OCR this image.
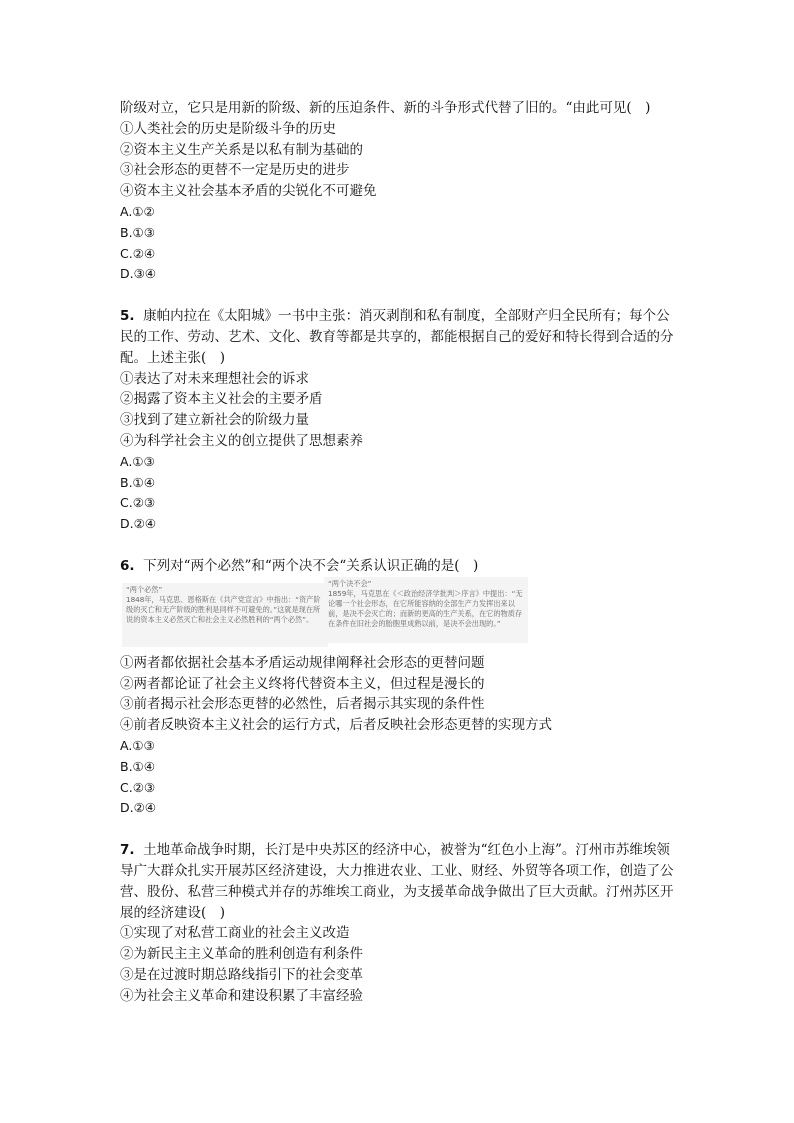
阶级对立，它只是用新的阶级、新的压迫条件、新的斗争形式代替了旧的。“由此可见(　)
①人类社会的历史是阶级斗争的历史
②资本主义生产关系是以私有制为基础的
③社会形态的更替不一定是历史的进步
④资本主义社会基本矛盾的尖锐化不可避免
A.①②
B.①③
C.②④
D.③④
5. 康帕内拉在《太阳城》一书中主张：消灭剥削和私有制度，全部财产归全民所有；每个公民的工作、劳动、艺术、文化、教育等都是共享的，都能根据自己的爱好和特长得到合适的分配。上述主张(　)
①表达了对未来理想社会的诉求
②揭露了资本主义社会的主要矛盾
③找到了建立新社会的阶级力量
④为科学社会主义的创立提供了思想素养
A.①③
B.①④
C.②③
D.②④
6. 下列对“两个必然”和“两个决不会“关系认识正确的是(　)
“两个必然”
1848年，马克思、恩格斯在《共产党宣言》中指出：“资产阶级的灭亡和无产阶级的胜利是同样不可避免的。”这就是现在所说的资本主义必然灭亡和社会主义必然胜利的“两个必然”。
“两个决不会”
1859年，马克思在《＜政治经济学批判＞序言》中提出：“无论哪一个社会形态，在它所能容纳的全部生产力发挥出来以前，是决不会灭亡的；而新的更高的生产关系，在它的物质存在条件在旧社会的胎胞里成熟以前，是决不会出现的。”
①两者都依据社会基本矛盾运动规律阐释社会形态的更替问题
②两者都论证了社会主义终将代替资本主义，但过程是漫长的
③前者揭示社会形态更替的必然性，后者揭示其实现的条件性
④前者反映资本主义社会的运行方式，后者反映社会形态更替的实现方式
A.①③
B.①④
C.②③
D.②④
7. 土地革命战争时期，长汀是中央苏区的经济中心，被誉为“红色小上海”。汀州市苏维埃领导广大群众扎实开展苏区经济建设，大力推进农业、工业、财经、外贸等各项工作，创造了公营、股份、私营三种模式并存的苏维埃工商业，为支援革命战争做出了巨大贡献。汀州苏区开展的经济建设(　)
①实现了对私营工商业的社会主义改造
②为新民主主义革命的胜利创造有利条件
③是在过渡时期总路线指引下的社会变革
④为社会主义革命和建设积累了丰富经验
